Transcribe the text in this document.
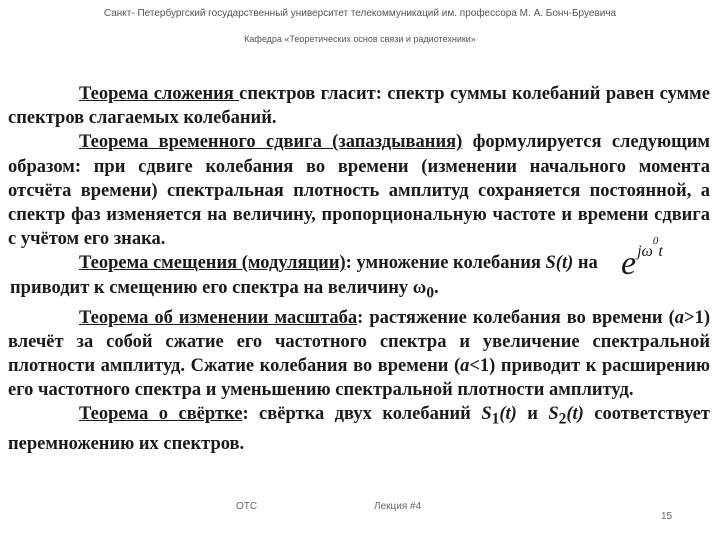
Санкт- Петербургский государственный университет телекоммуникаций им. профессора М. А. Бонч-Бруевича
Кафедра «Теоретических основ связи и радиотехники»

Теорема сложения спектров гласит: спектр суммы колебаний равен сумме спектров слагаемых колебаний.

Теорема временного сдвига (запаздывания) формулируется следующим образом: при сдвиге колебания во времени (изменении начального момента отсчёта времени) спектральная плотность амплитуд сохраняется постоянной, а спектр фаз изменяется на величину, пропорциональную частоте и времени сдвига с учётом его знака.

Теорема смещения (модуляции): умножение колебания S(t) на

приводит к смещению его спектра на величину $\omega_0$.

Теорема об изменении масштаба: растяжение колебания во времени (a>1) влечёт за собой сжатие его частотного спектра и увеличение спектральной плотности амплитуд. Сжатие колебания во времени (a<1) приводит к расширению его частотного спектра и уменьшению спектральной плотности амплитуд.

Теорема о свёртке: свёртка двух колебаний $S_1(t)$ и $S_2(t)$ соответствует перемножению их спектров.

$e^{j\omega^0t}$
ОТС	Лекция #4
15
